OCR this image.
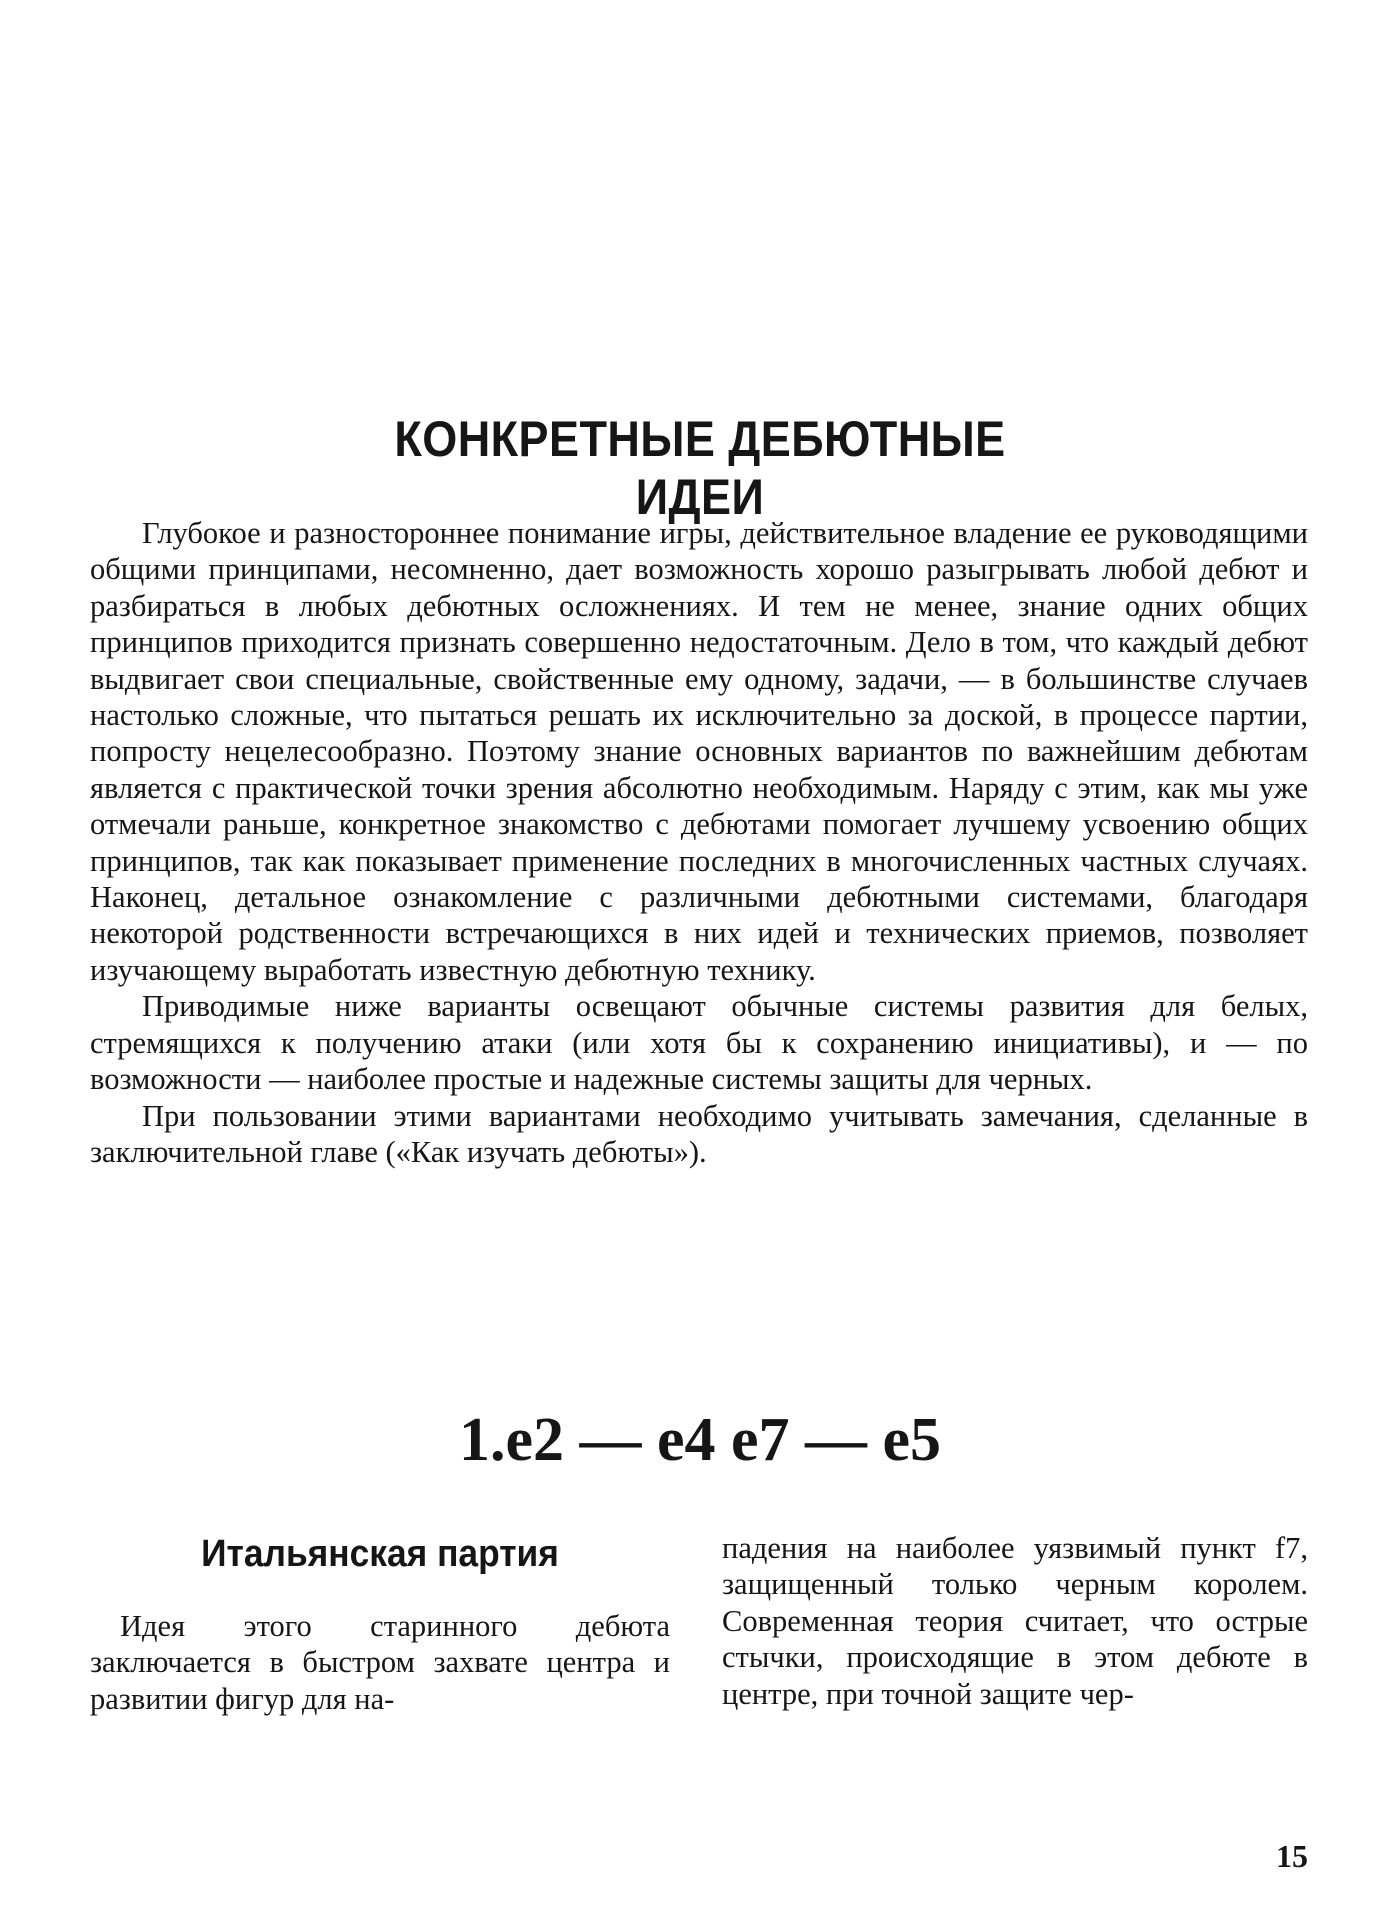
КОНКРЕТНЫЕ ДЕБЮТНЫЕ ИДЕИ

Глубокое и разностороннее понимание игры, действительное владение ее руководящими общими принципами, несомненно, дает возможность хорошо разыгрывать любой дебют и разбираться в любых дебютных осложнениях. И тем не менее, знание одних общих принципов приходится признать совершенно недостаточным. Дело в том, что каждый дебют выдвигает свои специальные, свойственные ему одному, задачи, — в большинстве случаев настолько сложные, что пытаться решать их исключительно за доской, в процессе партии, попросту нецелесообразно. Поэтому знание основных вариантов по важнейшим дебютам является с практической точки зрения абсолютно необходимым. Наряду с этим, как мы уже отмечали раньше, конкретное знакомство с дебютами помогает лучшему усвоению общих принципов, так как показывает применение последних в многочисленных частных случаях. Наконец, детальное ознакомление с различными дебютными системами, благодаря некоторой родственности встречающихся в них идей и технических приемов, позволяет изучающему выработать известную дебютную технику.

Приводимые ниже варианты освещают обычные системы развития для белых, стремящихся к получению атаки (или хотя бы к сохранению инициативы), и — по возможности — наиболее простые и надежные системы защиты для черных.

При пользовании этими вариантами необходимо учитывать замечания, сделанные в заключительной главе («Как изучать дебюты»).

1.e2 — e4 e7 — e5
Итальянская партия
Идея этого старинного дебюта заключается в быстром захвате центра и развитии фигур для на-
падения на наиболее уязвимый пункт f7, защищенный только черным королем. Современная теория считает, что острые стычки, происходящие в этом дебюте в центре, при точной защите чер-
15
